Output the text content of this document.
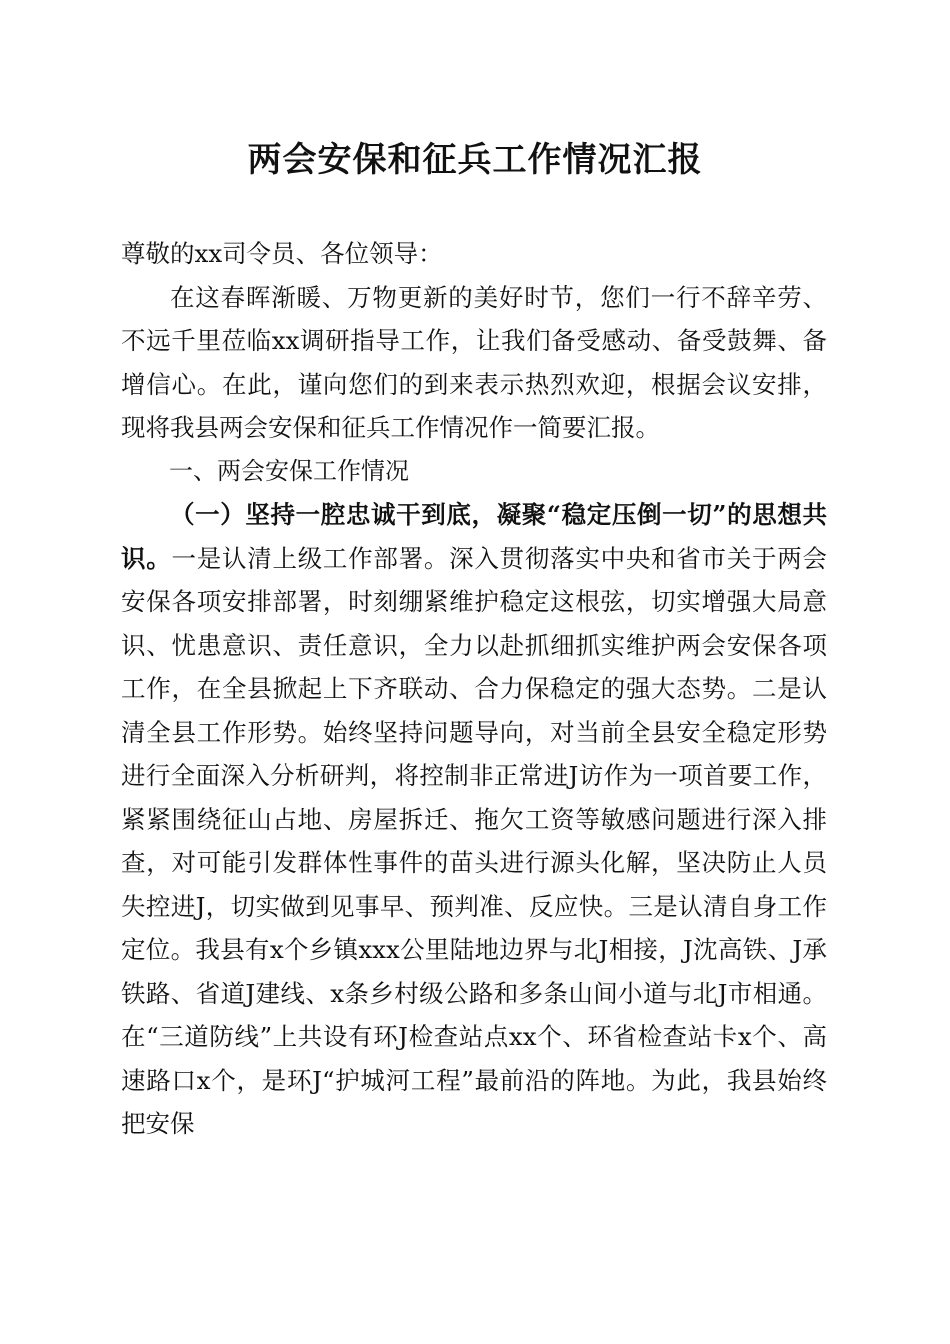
两会安保和征兵工作情况汇报

尊敬的xx司令员、各位领导：

在这春晖渐暖、万物更新的美好时节，您们一行不辞辛劳、不远千里莅临xx调研指导工作，让我们备受感动、备受鼓舞、备增信心。在此，谨向您们的到来表示热烈欢迎，根据会议安排，现将我县两会安保和征兵工作情况作一简要汇报。

一、两会安保工作情况

（一）坚持一腔忠诚干到底，凝聚“稳定压倒一切”的思想共识。一是认清上级工作部署。深入贯彻落实中央和省市关于两会安保各项安排部署，时刻绷紧维护稳定这根弦，切实增强大局意识、忧患意识、责任意识，全力以赴抓细抓实维护两会安保各项工作，在全县掀起上下齐联动、合力保稳定的强大态势。二是认清全县工作形势。始终坚持问题导向，对当前全县安全稳定形势进行全面深入分析研判，将控制非正常进J访作为一项首要工作，紧紧围绕征山占地、房屋拆迁、拖欠工资等敏感问题进行深入排查，对可能引发群体性事件的苗头进行源头化解，坚决防止人员失控进J，切实做到见事早、预判准、反应快。三是认清自身工作定位。我县有x个乡镇xxx公里陆地边界与北J相接，J沈高铁、J承铁路、省道J建线、x条乡村级公路和多条山间小道与北J市相通。在“三道防线”上共设有环J检查站点xx个、环省检查站卡x个、高速路口x个，是环J“护城河工程”最前沿的阵地。为此，我县始终把安保
